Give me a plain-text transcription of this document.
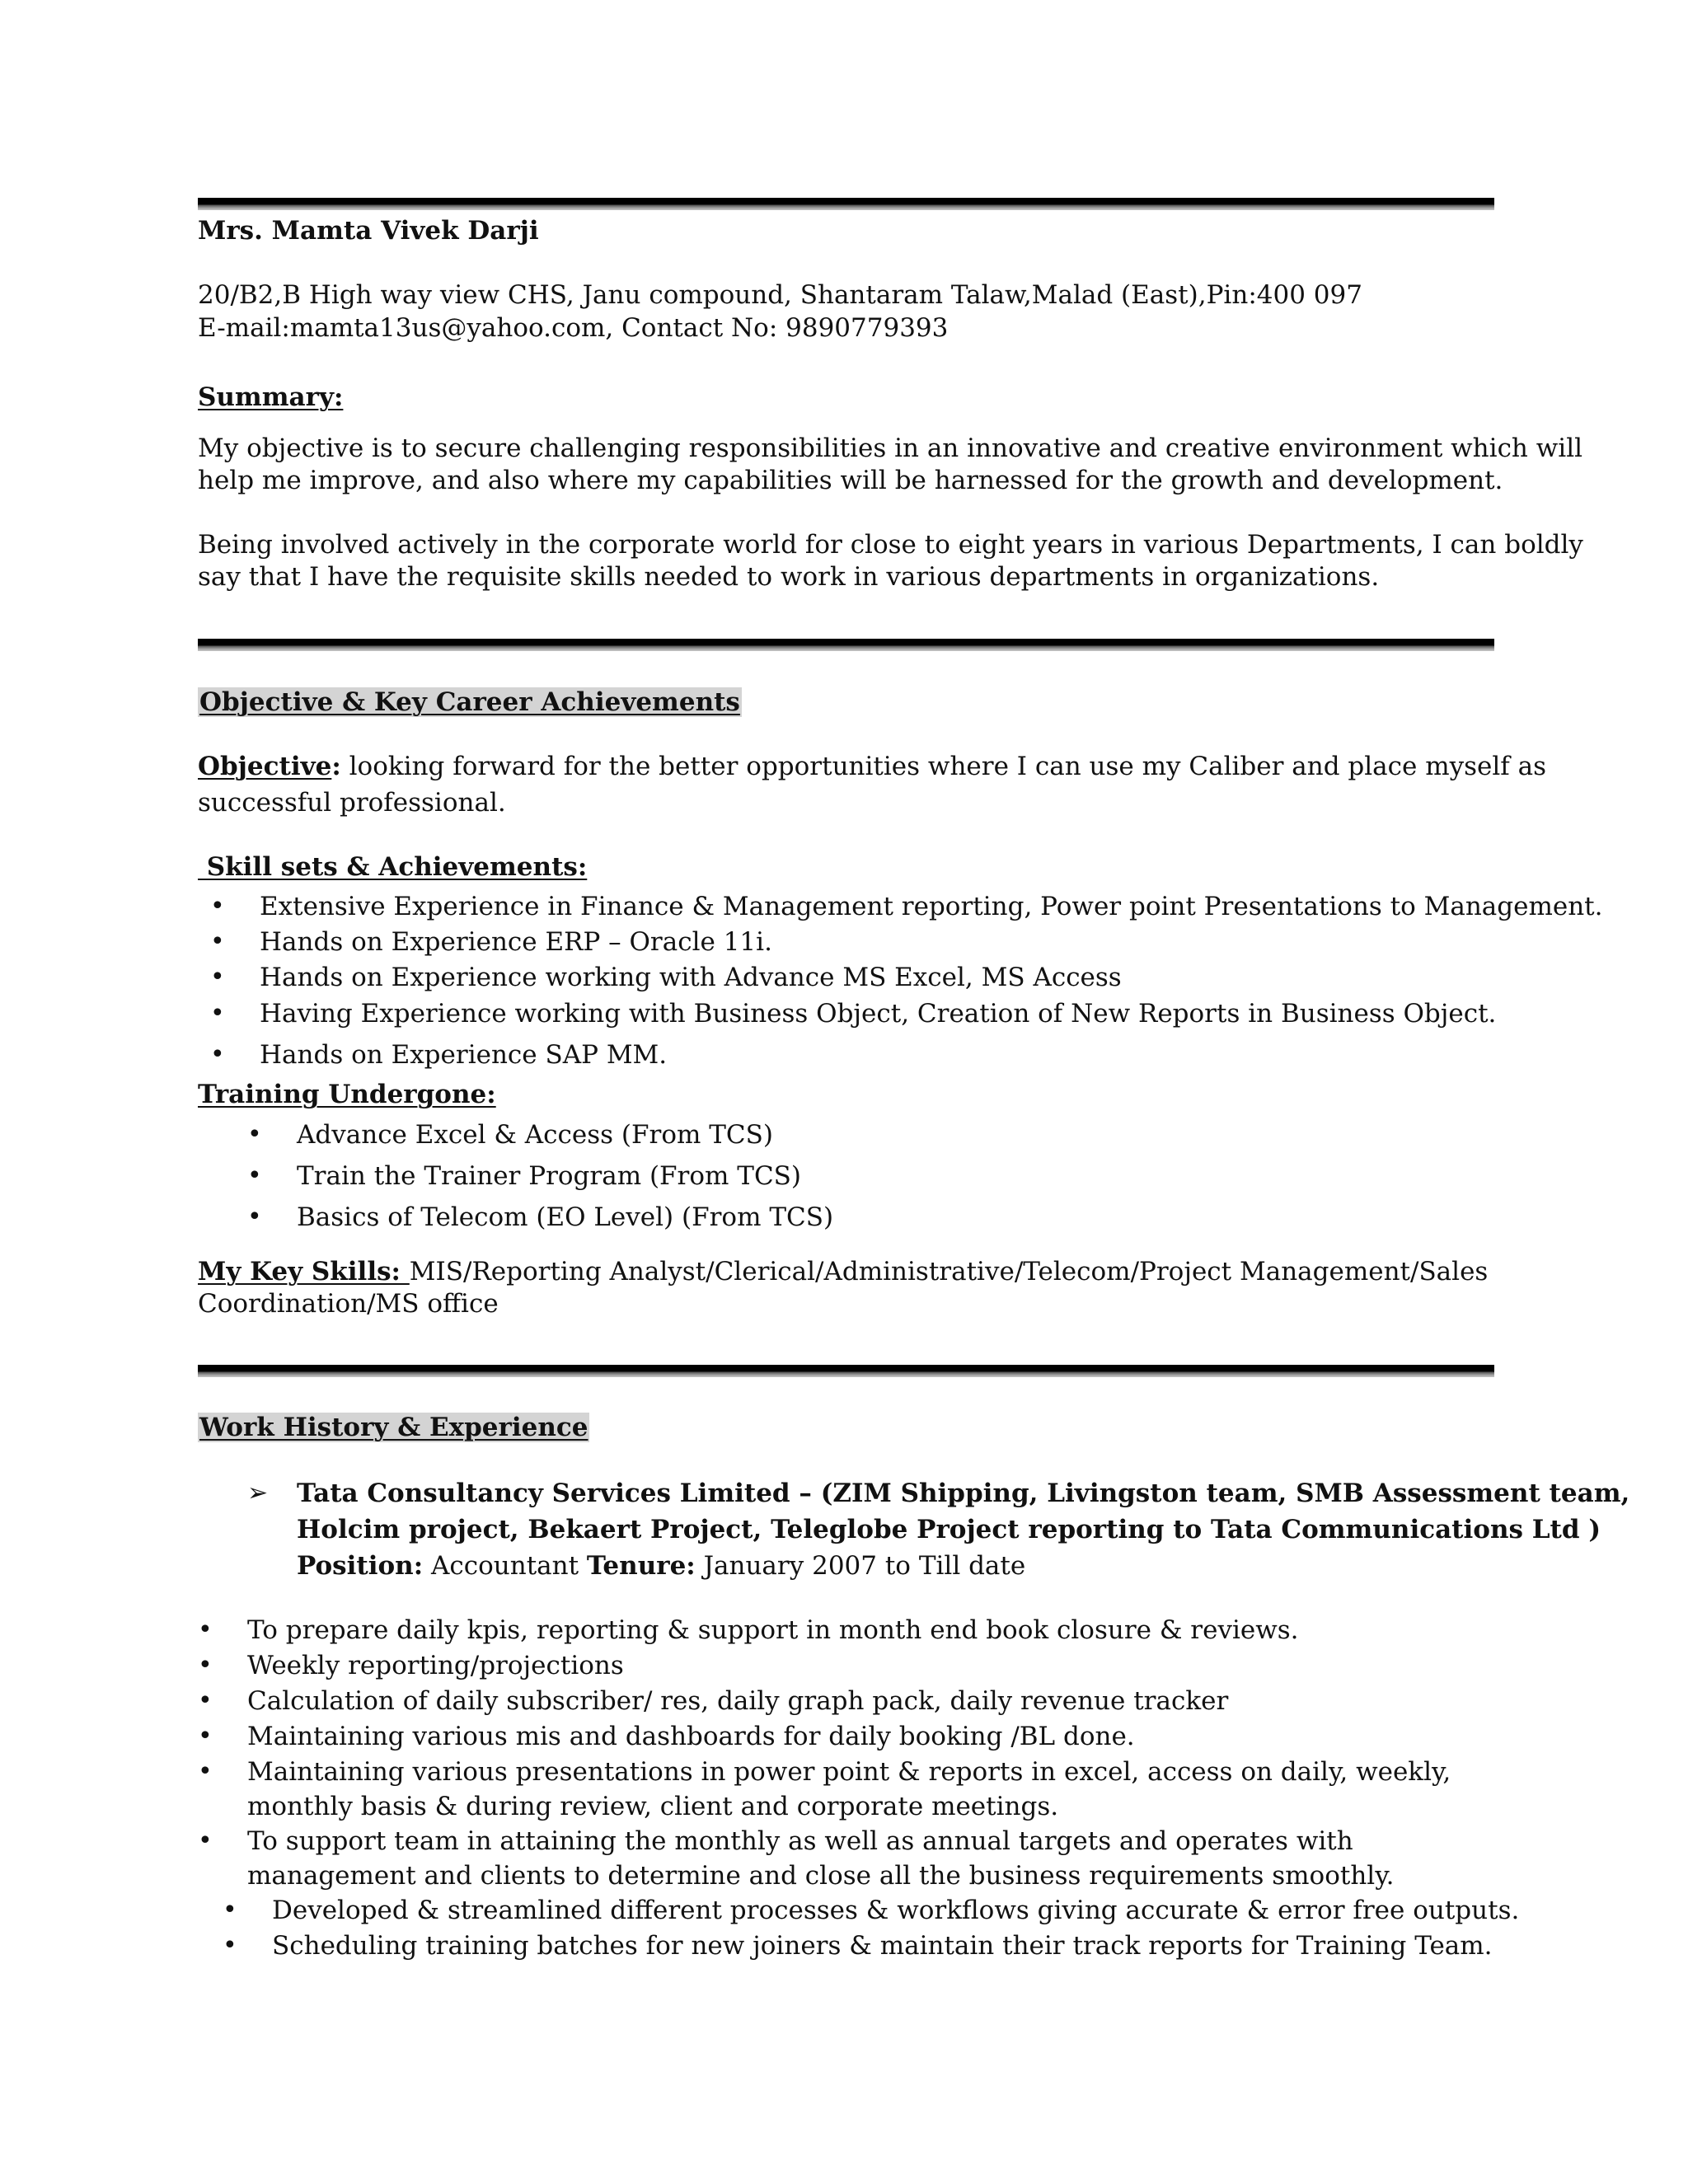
Mrs. Mamta Vivek Darji
20/B2,B High way view CHS, Janu compound, Shantaram Talaw,Malad (East),Pin:400 097
E-mail:mamta13us@yahoo.com, Contact No: 9890779393
Summary:
My objective is to secure challenging responsibilities in an innovative and creative environment which will
help me improve, and also where my capabilities will be harnessed for the growth and development.
Being involved actively in the corporate world for close to eight years in various Departments, I can boldly
say that I have the requisite skills needed to work in various departments in organizations.
Objective & Key Career Achievements
Objective: looking forward for the better opportunities where I can use my Caliber and place myself as
successful professional.
Skill sets & Achievements:
• Extensive Experience in Finance & Management reporting, Power point Presentations to Management.
• Hands on Experience ERP – Oracle 11i.
• Hands on Experience working with Advance MS Excel, MS Access
• Having Experience working with Business Object, Creation of New Reports in Business Object.
• Hands on Experience SAP MM.
Training Undergone:
• Advance Excel & Access (From TCS)
• Train the Trainer Program (From TCS)
• Basics of Telecom (EO Level) (From TCS)
My Key Skills: MIS/Reporting Analyst/Clerical/Administrative/Telecom/Project Management/Sales
Coordination/MS office
Work History & Experience
➢ Tata Consultancy Services Limited – (ZIM Shipping, Livingston team, SMB Assessment team,
Holcim project, Bekaert Project, Teleglobe Project reporting to Tata Communications Ltd )
Position: Accountant Tenure: January 2007 to Till date
• To prepare daily kpis, reporting & support in month end book closure & reviews.
• Weekly reporting/projections
• Calculation of daily subscriber/ res, daily graph pack, daily revenue tracker
• Maintaining various mis and dashboards for daily booking /BL done.
• Maintaining various presentations in power point & reports in excel, access on daily, weekly,
monthly basis & during review, client and corporate meetings.
• To support team in attaining the monthly as well as annual targets and operates with
management and clients to determine and close all the business requirements smoothly.
• Developed & streamlined different processes & workflows giving accurate & error free outputs.
• Scheduling training batches for new joiners & maintain their track reports for Training Team.
